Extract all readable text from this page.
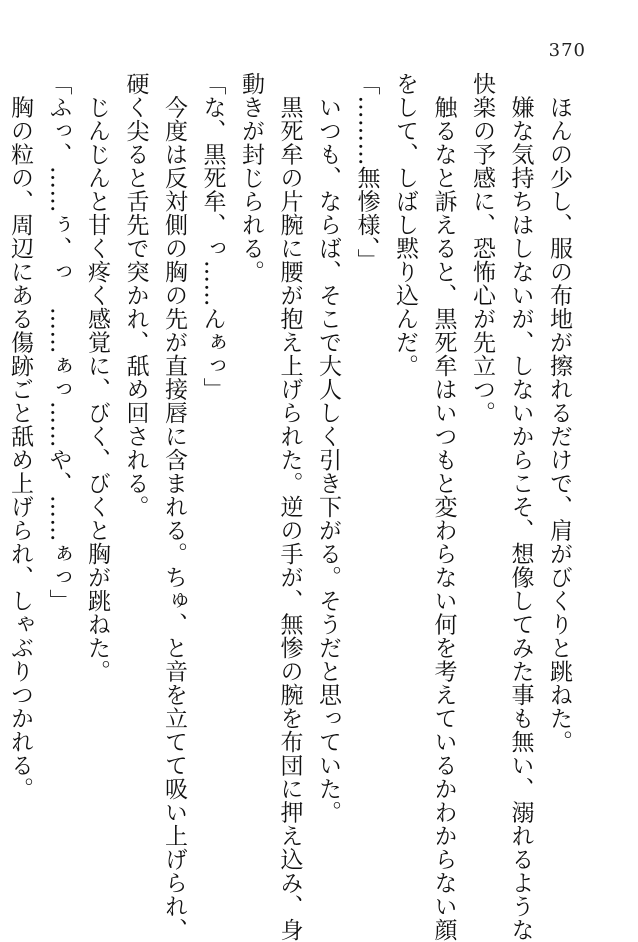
370

　ほんの少し、服の布地が擦れるだけで、肩がびくりと跳ねた。

　嫌な気持ちはしないが、しないからこそ、想像してみた事も無い、溺れるような

快楽の予感に、恐怖心が先立つ。

　触るなと訴えると、黒死牟はいつもと変わらない何を考えているかわからない顔

をして、しばし黙り込んだ。

「………無惨様、」

　いつも、ならば、そこで大人しく引き下がる。そうだと思っていた。

　黒死牟の片腕に腰が抱え上げられた。逆の手が、無惨の腕を布団に押え込み、身

動きが封じられる。

「な、黒死牟、っ……んぁっ」

　今度は反対側の胸の先が直接唇に含まれる。ちゅ、と音を立てて吸い上げられ、

硬く尖ると舌先で突かれ、舐め回される。

　じんじんと甘く疼く感覚に、びく、びくと胸が跳ねた。

「ふっ、……ぅ、っ　……ぁっ……や、……ぁっ」

　胸の粒の、周辺にある傷跡ごと舐め上げられ、しゃぶりつかれる。
